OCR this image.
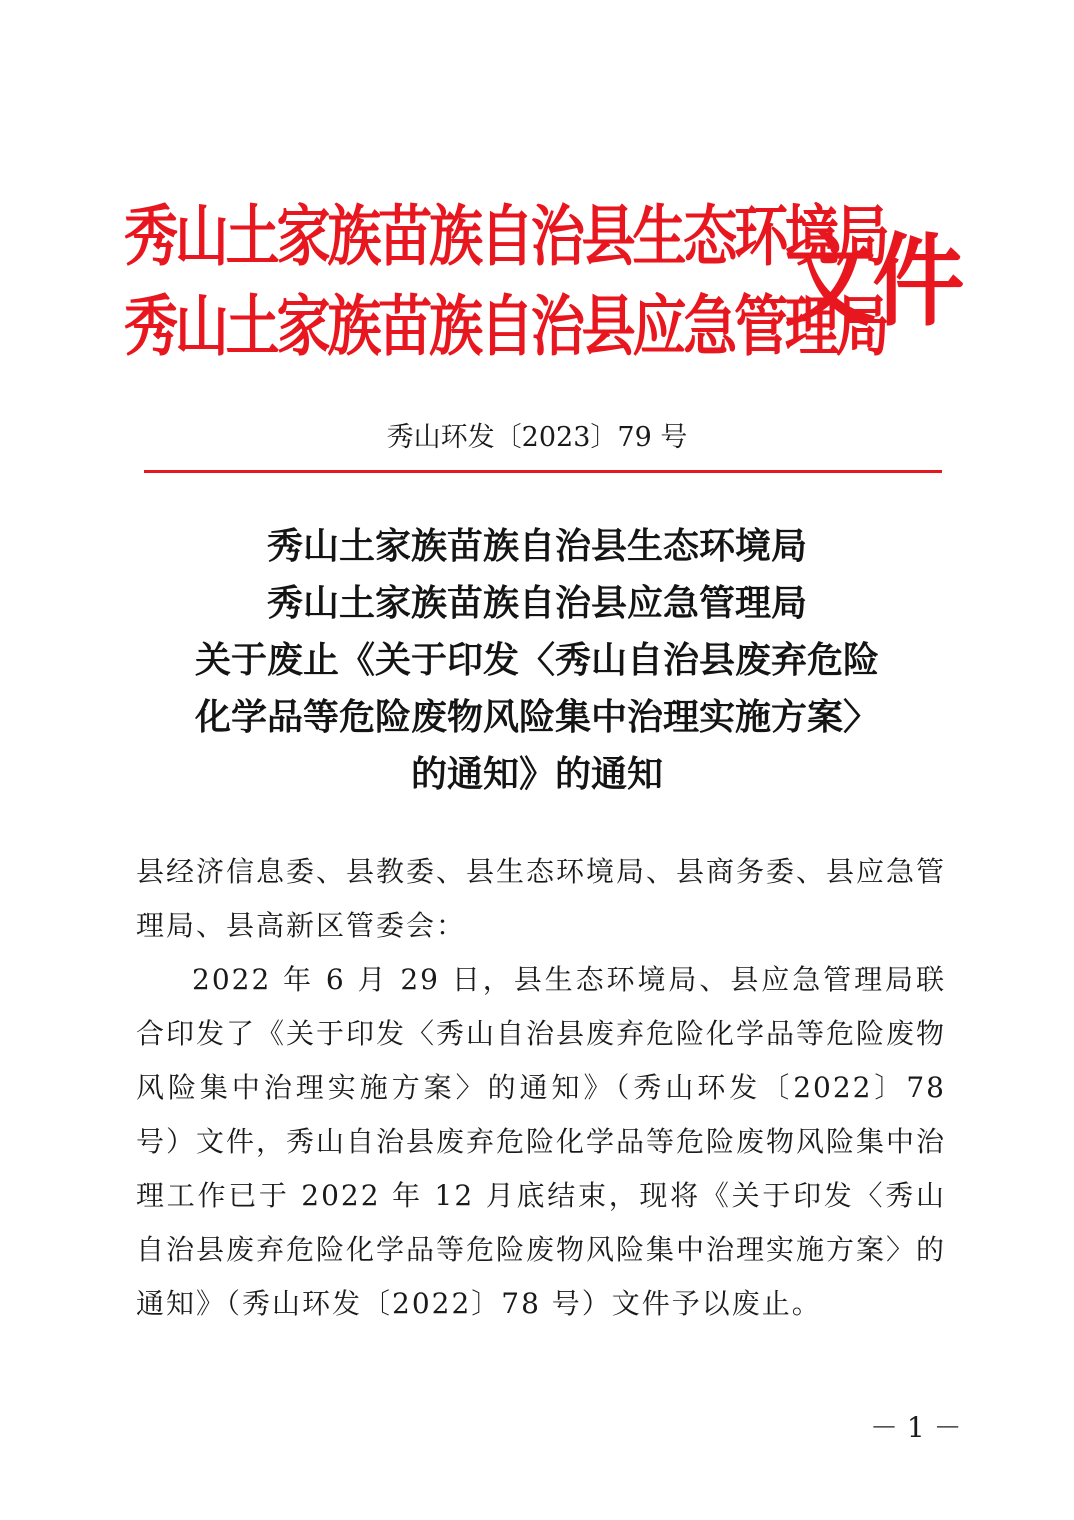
秀山土家族苗族自治县生态环境局
秀山土家族苗族自治县应急管理局
文件
秀山环发〔2023〕79 号
秀山土家族苗族自治县生态环境局
秀山土家族苗族自治县应急管理局
关于废止《关于印发〈秀山自治县废弃危险
化学品等危险废物风险集中治理实施方案〉
的通知》的通知

县经济信息委、县教委、县生态环境局、县商务委、县应急管理局、县高新区管委会：

2022 年 6 月 29 日，县生态环境局、县应急管理局联合印发了《关于印发〈秀山自治县废弃危险化学品等危险废物风险集中治理实施方案〉的通知》（秀山环发〔2022〕78 号）文件，秀山自治县废弃危险化学品等危险废物风险集中治理工作已于 2022 年 12 月底结束，现将《关于印发〈秀山自治县废弃危险化学品等危险废物风险集中治理实施方案〉的通知》（秀山环发〔2022〕78 号）文件予以废止。

－ 1 －
